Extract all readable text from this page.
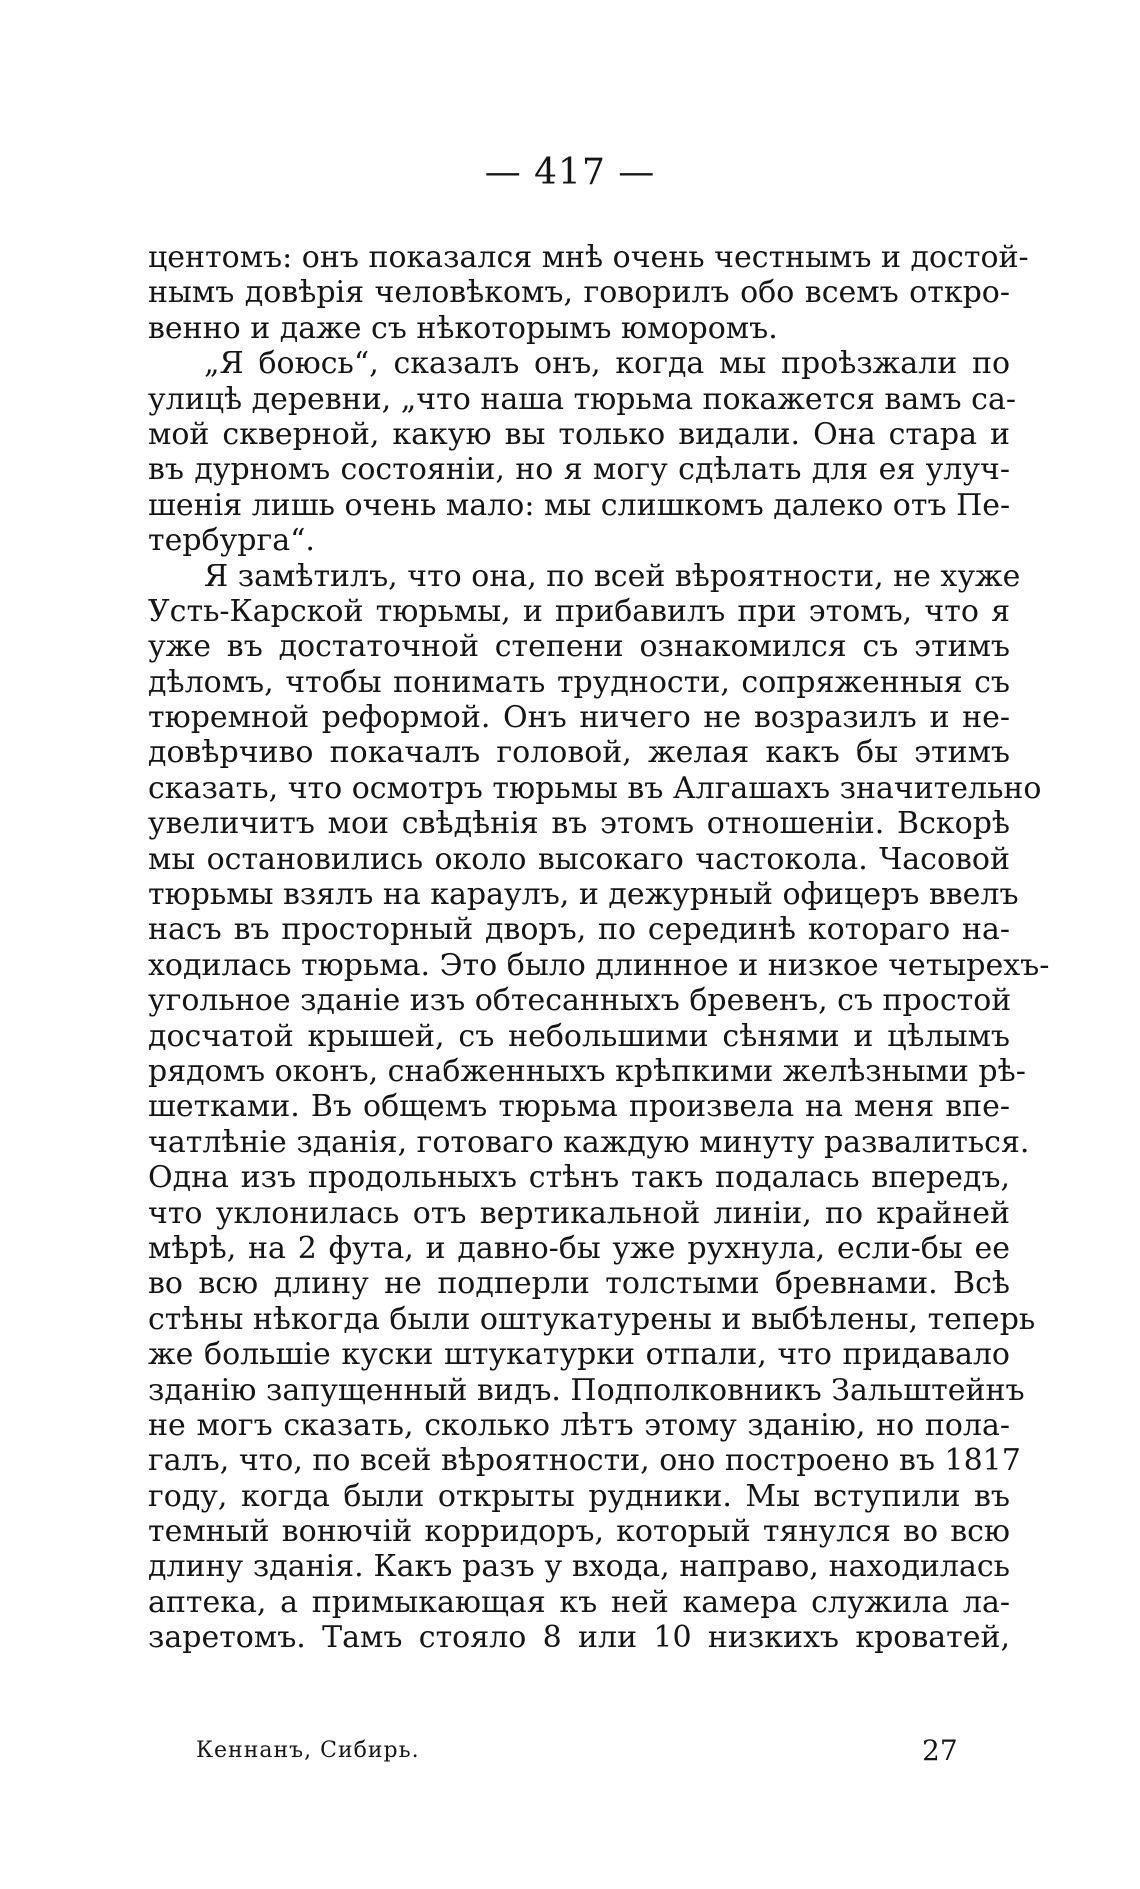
— 417 —
центомъ: онъ показался мнѣ очень честнымъ и достой-
нымъ довѣрія человѣкомъ, говорилъ обо всемъ откро-
венно и даже съ нѣкоторымъ юморомъ.
„Я боюсь“, сказалъ онъ, когда мы проѣзжали по
улицѣ деревни, „что наша тюрьма покажется вамъ са-
мой скверной, какую вы только видали. Она стара и
въ дурномъ состояніи, но я могу сдѣлать для ея улуч-
шенія лишь очень мало: мы слишкомъ далеко отъ Пе-
тербурга“.
Я замѣтилъ, что она, по всей вѣроятности, не хуже
Усть-Карской тюрьмы, и прибавилъ при этомъ, что я
уже въ достаточной степени ознакомился съ этимъ
дѣломъ, чтобы понимать трудности, сопряженныя съ
тюремной реформой. Онъ ничего не возразилъ и не-
довѣрчиво покачалъ головой, желая какъ бы этимъ
сказать, что осмотръ тюрьмы въ Алгашахъ значительно
увеличитъ мои свѣдѣнія въ этомъ отношеніи. Вскорѣ
мы остановились около высокаго частокола. Часовой
тюрьмы взялъ на караулъ, и дежурный офицеръ ввелъ
насъ въ просторный дворъ, по серединѣ котораго на-
ходилась тюрьма. Это было длинное и низкое четырехъ-
угольное зданіе изъ обтесанныхъ бревенъ, съ простой
досчатой крышей, съ небольшими сѣнями и цѣлымъ
рядомъ оконъ, снабженныхъ крѣпкими желѣзными рѣ-
шетками. Въ общемъ тюрьма произвела на меня впе-
чатлѣніе зданія, готоваго каждую минуту развалиться.
Одна изъ продольныхъ стѣнъ такъ подалась впередъ,
что уклонилась отъ вертикальной линіи, по крайней
мѣрѣ, на 2 фута, и давно-бы уже рухнула, если-бы ее
во всю длину не подперли толстыми бревнами. Всѣ
стѣны нѣкогда были оштукатурены и выбѣлены, теперь
же большіе куски штукатурки отпали, что придавало
зданію запущенный видъ. Подполковникъ Зальштейнъ
не могъ сказать, сколько лѣтъ этому зданію, но пола-
галъ, что, по всей вѣроятности, оно построено въ 1817
году, когда были открыты рудники. Мы вступили въ
темный вонючій корридоръ, который тянулся во всю
длину зданія. Какъ разъ у входа, направо, находилась
аптека, а примыкающая къ ней камера служила ла-
заретомъ. Тамъ стояло 8 или 10 низкихъ кроватей,
Кеннанъ, Сибирь.	27
